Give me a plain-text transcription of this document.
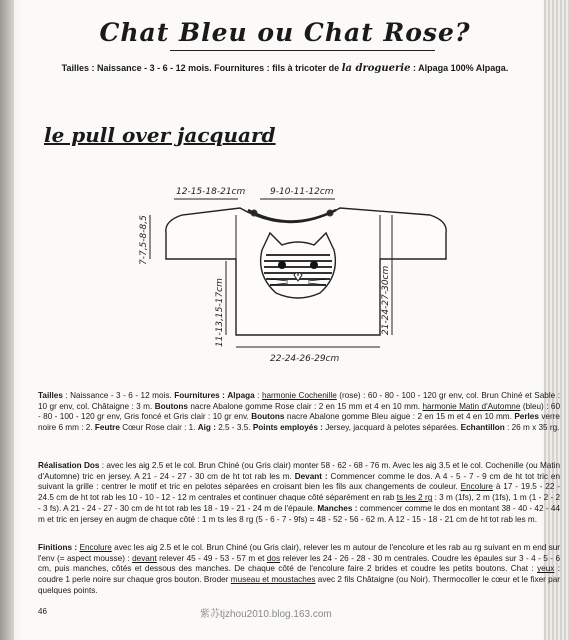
Chat Bleu ou Chat Rose?
Tailles : Naissance - 3 - 6 - 12 mois. Fournitures : fils à tricoter de la droguerie : Alpaga 100% Alpaga.
le pull over jacquard
12-15-18-21cm	9-10-11-12cm
7-7,5-8-8,5
11-13,15-17cm	21-24-27-30cm
22-24-26-29cm
Tailles : Naissance - 3 - 6 - 12 mois. Fournitures : Alpaga : harmonie Cochenille (rose) : 60 - 80 - 100 - 120 gr env, col. Brun Chiné et Sable : 10 gr env, col. Châtaigne : 3 m. Boutons nacre Abalone gomme Rose clair : 2 en 15 mm et 4 en 10 mm. harmonie Matin d'Automne (bleu) : 60 - 80 - 100 - 120 gr env, Gris foncé et Gris clair : 10 gr env. Boutons nacre Abalone gomme Bleu aigue : 2 en 15 m et 4 en 10 mm. Perles verre noire 6 mm : 2. Feutre Cœur Rose clair : 1. Aig : 2.5 - 3.5. Points employés : Jersey, jacquard à pelotes séparées. Echantillon : 26 m x 35 rg.
Réalisation Dos : avec les aig 2.5 et le col. Brun Chiné (ou Gris clair) monter 58 - 62 - 68 - 76 m. Avec les aig 3.5 et le col. Cochenille (ou Matin d'Automne) tric en jersey. A 21 - 24 - 27 - 30 cm de ht tot rab les m. Devant : Commencer comme le dos. A 4 - 5 - 7 - 9 cm de ht tot tric en suivant la grille : centrer le motif et tric en pelotes séparées en croisant bien les fils aux changements de couleur. Encolure à 17 - 19.5 - 22 - 24.5 cm de ht tot rab les 10 - 10 - 12 - 12 m centrales et continuer chaque côté séparément en rab ts les 2 rg : 3 m (1fs), 2 m (1fs), 1 m (1 - 2 - 2 - 3 fs). A 21 - 24 - 27 - 30 cm de ht tot rab les 18 - 19 - 21 - 24 m de l'épaule. Manches : commencer comme le dos en montant 38 - 40 - 42 - 44 m et tric en jersey en augm de chaque côté : 1 m ts les 8 rg (5 - 6 - 7 - 9fs) = 48 - 52 - 56 - 62 m. A 12 - 15 - 18 - 21 cm de ht tot rab les m.
Finitions : Encolure avec les aig 2.5 et le col. Brun Chiné (ou Gris clair), relever les m autour de l'encolure et les rab au rg suivant en m end sur l'env (= aspect mousse) : devant relever 45 - 49 - 53 - 57 m et dos relever les 24 - 26 - 28 - 30 m centrales. Coudre les épaules sur 3 - 4 - 5 - 6 cm, puis manches, côtés et dessous des manches. De chaque côté de l'encolure faire 2 brides et coudre les petits boutons. Chat : yeux : coudre 1 perle noire sur chaque gros bouton. Broder museau et moustaches avec 2 fils Châtaigne (ou Noir). Thermocoller le cœur et le fixer par quelques points.
46	紫苏tjzhou2010.blog.163.com
